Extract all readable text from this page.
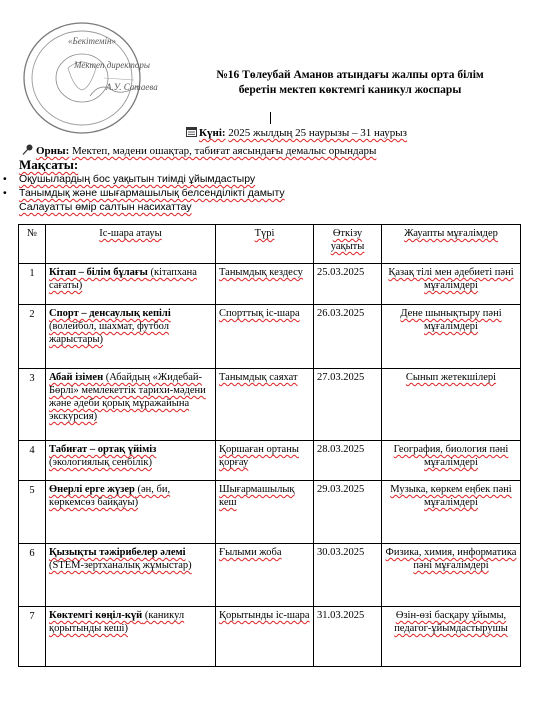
«Бекітемін»
Мектеп директоры
А.У. Сатаева
№16 Төлеубай Аманов атындағы жалпы орта білім
беретін мектеп көктемгі каникул жоспары
Күні: 2025 жылдың 25 наурызы – 31 наурыз
Орны: Мектеп, мәдени ошақтар, табиғат аясындағы демалыс орындары
Мақсаты:
• Оқушылардың бос уақытын тиімді ұйымдастыру
• Танымдық және шығармашылық белсенділікті дамыту
Салауатты өмір салтын насихаттау
№	Іс-шара атауы	Түрі	Өткізу уақыты	Жауапты мұғалімдер
1	Кітап – білім бұлағы (кітапхана сағаты)	Танымдық кездесу	25.03.2025	Қазақ тілі мен әдебиеті пәні мұғалімдері
2	Спорт – денсаулық кепілі (волейбол, шахмат, футбол жарыстары)	Спорттық іс-шара	26.03.2025	Дене шынықтыру пәні мұғалімдері
3	Абай ізімен (Абайдың «Жидебай-Бөрлі» мемлекеттік тарихи-мәдени және әдеби қорық мұражайына экскурсия)	Танымдық саяхат	27.03.2025	Сынып жетекшілері
4	Табиғат – ортақ үйіміз (экологиялық сенбілік)	Қоршаған ортаны қорғау	28.03.2025	География, биология пәні мұғалімдері
5	Өнерлі ерге жүзер (ән, би, көркемсөз байқауы)	Шығармашылық кеш	29.03.2025	Музыка, көркем еңбек пәні мұғалімдері
6	Қызықты тәжірибелер әлемі (STEM-зертханалық жұмыстар)	Ғылыми жоба	30.03.2025	Физика, химия, информатика пәні мұғалімдері
7	Көктемгі көңіл-күй (каникул қорытынды кеші)	Қорытынды іс-шара	31.03.2025	Өзін-өзі басқару ұйымы, педагог-ұйымдастырушы
